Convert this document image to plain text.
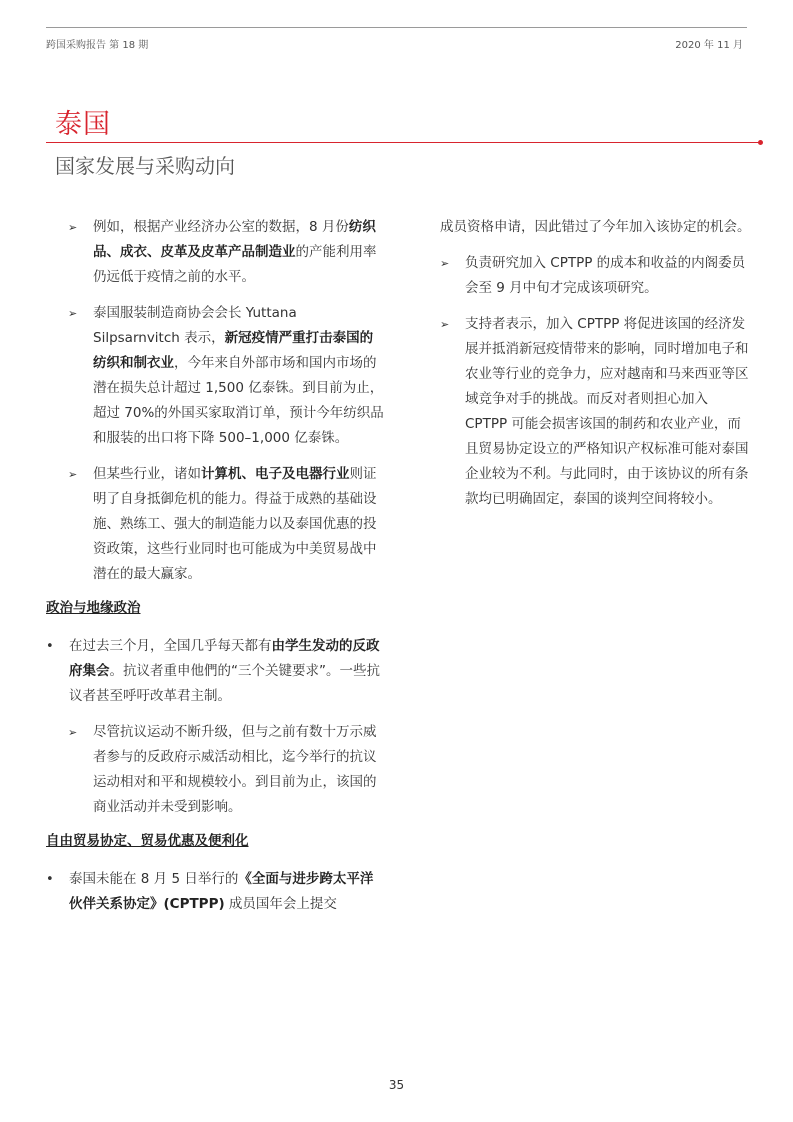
跨国采购报告 第 18 期	2020 年 11 月
泰国
国家发展与采购动向
➢ 例如，根据产业经济办公室的数据，8 月份纺织品、成衣、皮革及皮革产品制造业的产能利用率仍远低于疫情之前的水平。
➢ 泰国服装制造商协会会长 Yuttana Silpsarnvitch 表示，新冠疫情严重打击泰国的纺织和制衣业，今年来自外部市场和国内市场的潜在损失总计超过 1,500 亿泰铢。到目前为止，超过 70%的外国买家取消订单，预计今年纺织品和服装的出口将下降 500–1,000 亿泰铢。
➢ 但某些行业，诸如计算机、电子及电器行业则证明了自身抵御危机的能力。得益于成熟的基础设施、熟练工、强大的制造能力以及泰国优惠的投资政策，这些行业同时也可能成为中美贸易战中潜在的最大赢家。
政治与地缘政治
• 在过去三个月，全国几乎每天都有由学生发动的反政府集会。抗议者重申他們的“三个关键要求”。一些抗议者甚至呼吁改革君主制。
➢ 尽管抗议运动不断升级，但与之前有数十万示威者参与的反政府示威活动相比，迄今举行的抗议运动相对和平和规模较小。到目前为止，该国的商业活动并未受到影响。
自由贸易协定、贸易优惠及便利化
• 泰国未能在 8 月 5 日举行的《全面与进步跨太平洋伙伴关系协定》(CPTPP) 成员国年会上提交
成员资格申请，因此错过了今年加入该协定的机会。
➢ 负责研究加入 CPTPP 的成本和收益的内阁委员会至 9 月中旬才完成该项研究。
➢ 支持者表示，加入 CPTPP 将促进该国的经济发展并抵消新冠疫情带来的影响，同时增加电子和农业等行业的竞争力，应对越南和马来西亚等区域竞争对手的挑战。而反对者则担心加入 CPTPP 可能会损害该国的制药和农业产业，而且贸易协定设立的严格知识产权标准可能对泰国企业较为不利。与此同时，由于该协议的所有条款均已明确固定，泰国的谈判空间将较小。
35
